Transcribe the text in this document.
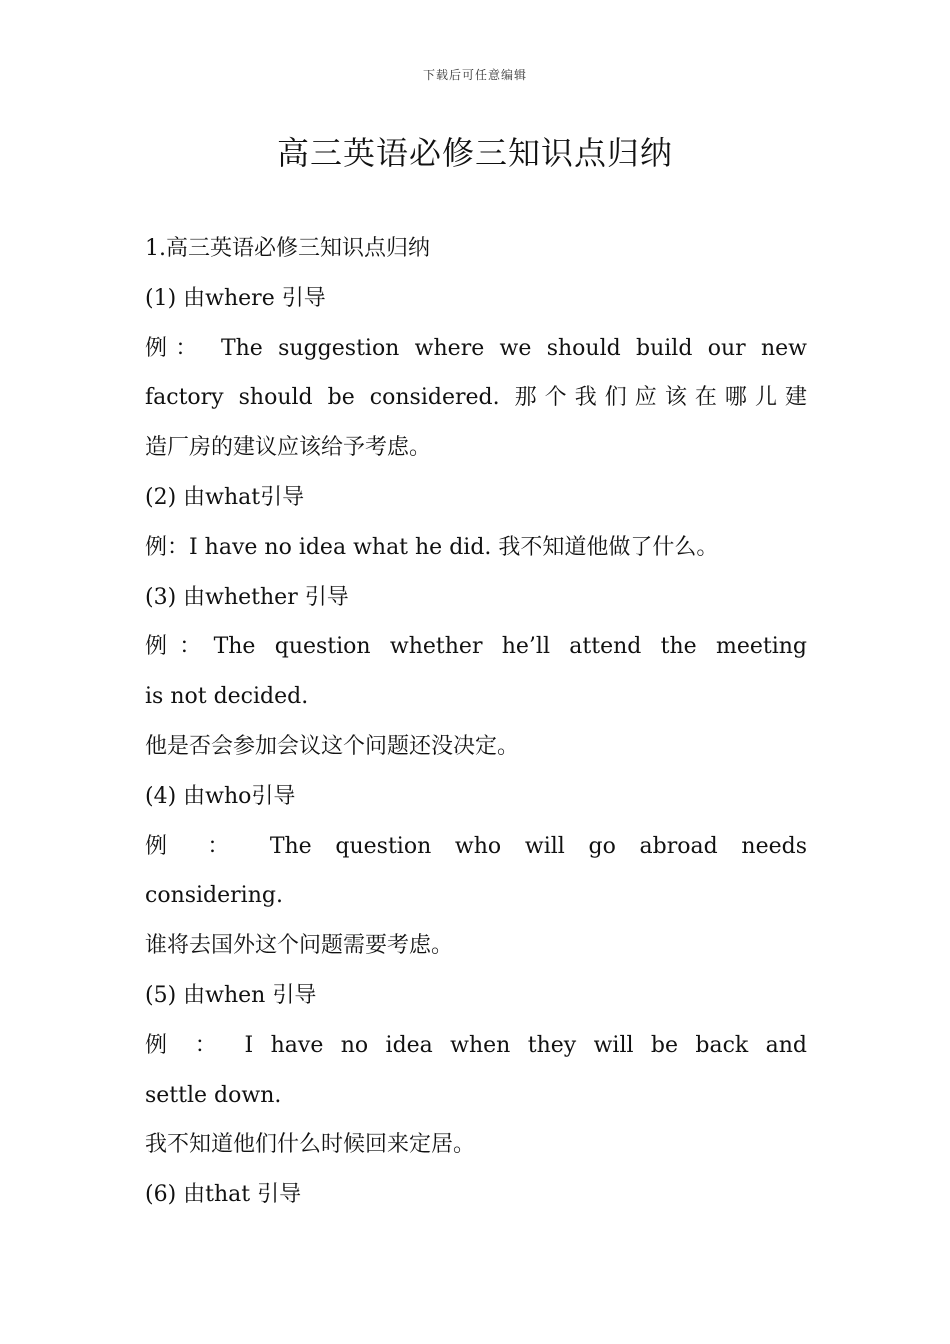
下载后可任意编辑
高三英语必修三知识点归纳
1.高三英语必修三知识点归纳
(1) 由where 引导
例： The suggestion where we should build our new
factory should be considered. 那个我们应该在哪儿建
造厂房的建议应该给予考虑。
(2) 由what引导
例：I have no idea what he did. 我不知道他做了什么。
(3) 由whether 引导
例：The question whether he’ll attend the meeting
is not decided.
他是否会参加会议这个问题还没决定。
(4) 由who引导
例 ： The question who will go abroad needs
considering.
谁将去国外这个问题需要考虑。
(5) 由when 引导
例 ： I have no idea when they will be back and
settle down.
我不知道他们什么时候回来定居。
(6) 由that 引导
